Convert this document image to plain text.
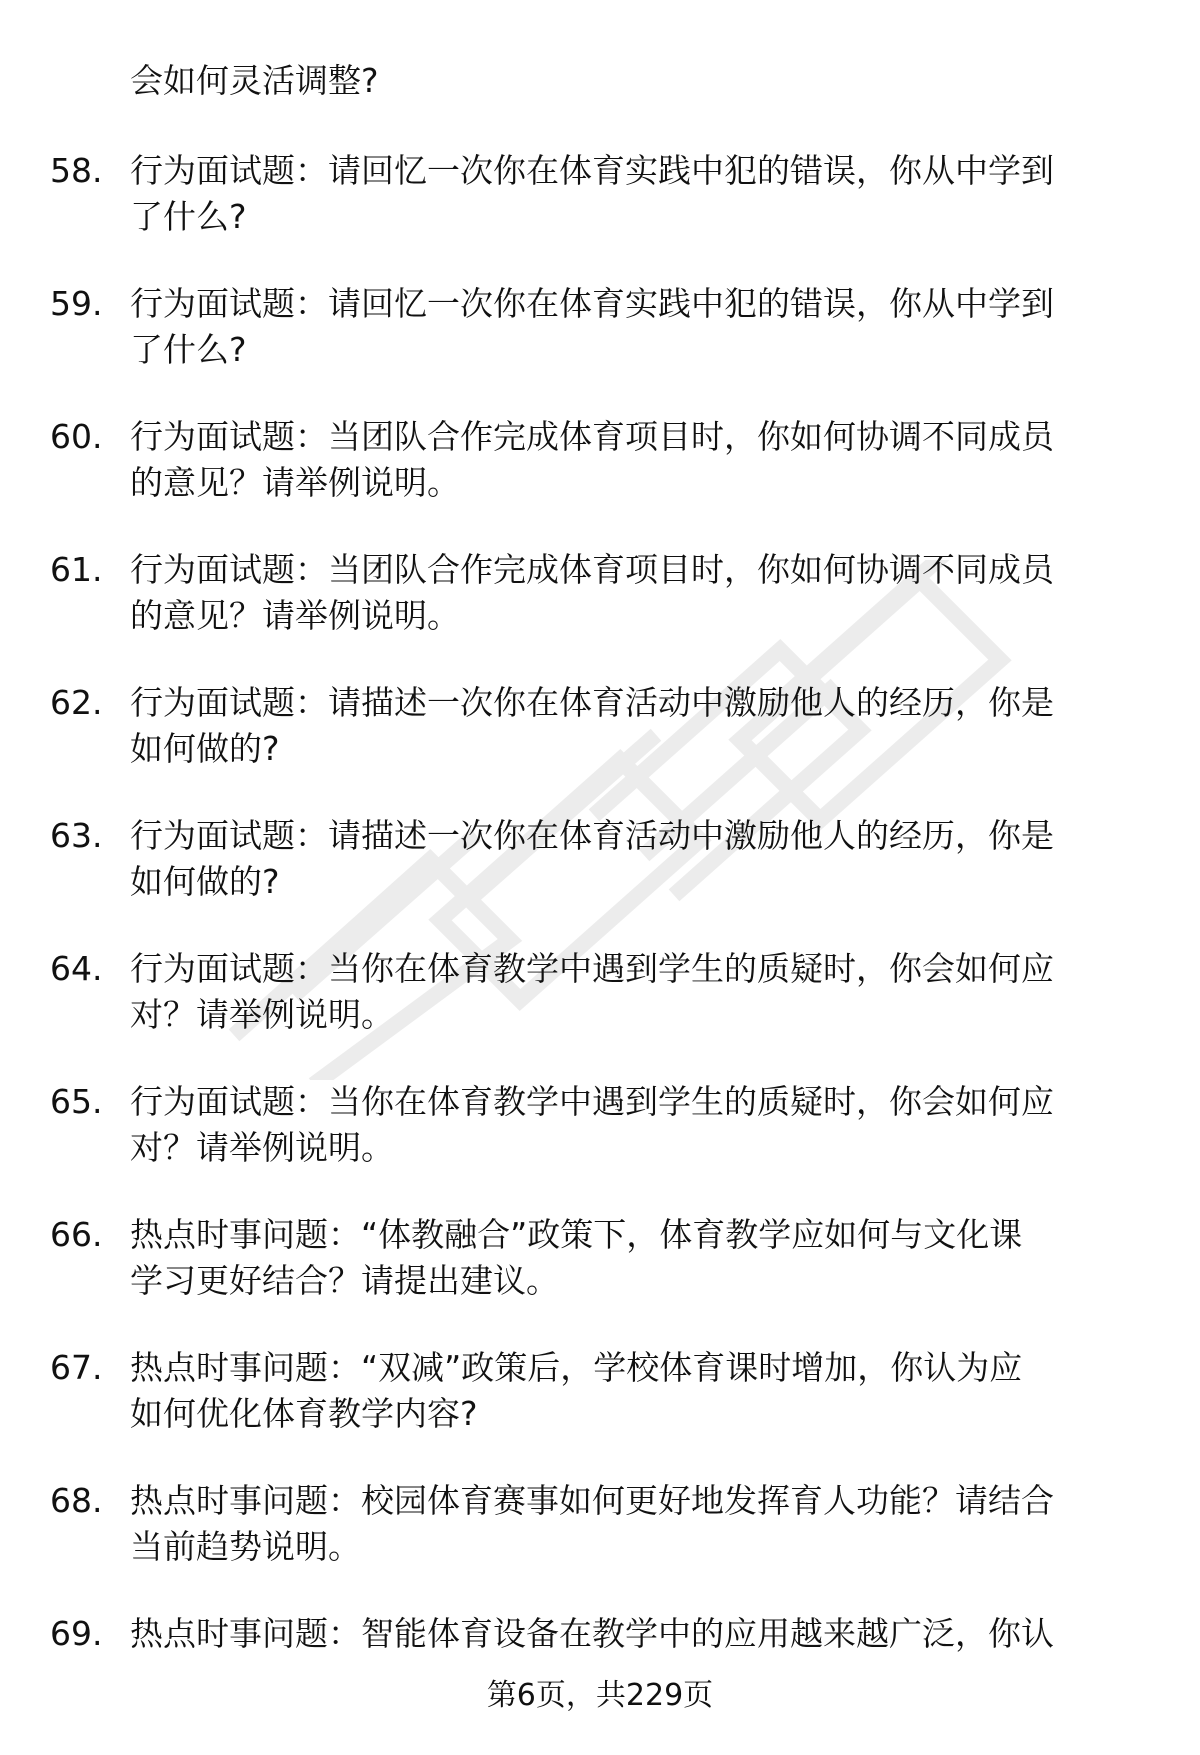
会如何灵活调整?
58. 行为面试题：请回忆一次你在体育实践中犯的错误，你从中学到
了什么?
59. 行为面试题：请回忆一次你在体育实践中犯的错误，你从中学到
了什么?
60. 行为面试题：当团队合作完成体育项目时，你如何协调不同成员
的意见？请举例说明。
61. 行为面试题：当团队合作完成体育项目时，你如何协调不同成员
的意见？请举例说明。
62. 行为面试题：请描述一次你在体育活动中激励他人的经历，你是
如何做的?
63. 行为面试题：请描述一次你在体育活动中激励他人的经历，你是
如何做的?
64. 行为面试题：当你在体育教学中遇到学生的质疑时，你会如何应
对？请举例说明。
65. 行为面试题：当你在体育教学中遇到学生的质疑时，你会如何应
对？请举例说明。
66. 热点时事问题：“体教融合”政策下，体育教学应如何与文化课
学习更好结合？请提出建议。
67. 热点时事问题：“双减”政策后，学校体育课时增加，你认为应
如何优化体育教学内容?
68. 热点时事问题：校园体育赛事如何更好地发挥育人功能？请结合
当前趋势说明。
69. 热点时事问题：智能体育设备在教学中的应用越来越广泛，你认
第6页，共229页
